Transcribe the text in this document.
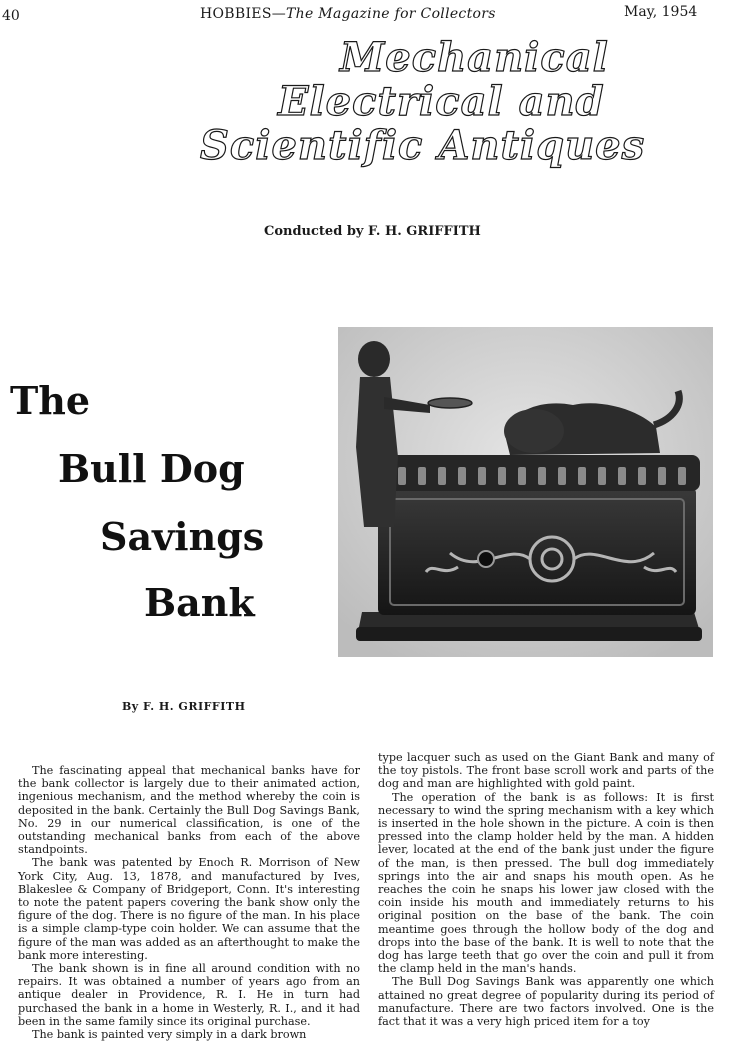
40	HOBBIES—The Magazine for Collectors	May, 1954
Mechanical
Electrical and
Scientific Antiques
Conducted by F. H. GRIFFITH
The
Bull Dog
Savings
Bank
By F. H. GRIFFITH

The fascinating appeal that mechanical banks have for the bank collector is largely due to their animated action, ingenious mechanism, and the method whereby the coin is deposited in the bank. Certainly the Bull Dog Savings Bank, No. 29 in our numerical classification, is one of the outstanding mechanical banks from each of the above standpoints.

The bank was patented by Enoch R. Morrison of New York City, Aug. 13, 1878, and manufactured by Ives, Blakeslee & Company of Bridgeport, Conn. It's interesting to note the patent papers covering the bank show only the figure of the dog. There is no figure of the man. In his place is a simple clamp-type coin holder. We can assume that the figure of the man was added as an afterthought to make the bank more interesting.

The bank shown is in fine all around condition with no repairs. It was obtained a number of years ago from an antique dealer in Providence, R. I. He in turn had purchased the bank in a home in Westerly, R. I., and it had been in the same family since its original purchase.

The bank is painted very simply in a dark brown

type lacquer such as used on the Giant Bank and many of the toy pistols. The front base scroll work and parts of the dog and man are highlighted with gold paint.

The operation of the bank is as follows: It is first necessary to wind the spring mechanism with a key which is inserted in the hole shown in the picture. A coin is then pressed into the clamp holder held by the man. A hidden lever, located at the end of the bank just under the figure of the man, is then pressed. The bull dog immediately springs into the air and snaps his mouth open. As he reaches the coin he snaps his lower jaw closed with the coin inside his mouth and immediately returns to his original position on the base of the bank. The coin meantime goes through the hollow body of the dog and drops into the base of the bank. It is well to note that the dog has large teeth that go over the coin and pull it from the clamp held in the man's hands.

The Bull Dog Savings Bank was apparently one which attained no great degree of popularity during its period of manufacture. There are two factors involved. One is the fact that it was a very high priced item for a toy
